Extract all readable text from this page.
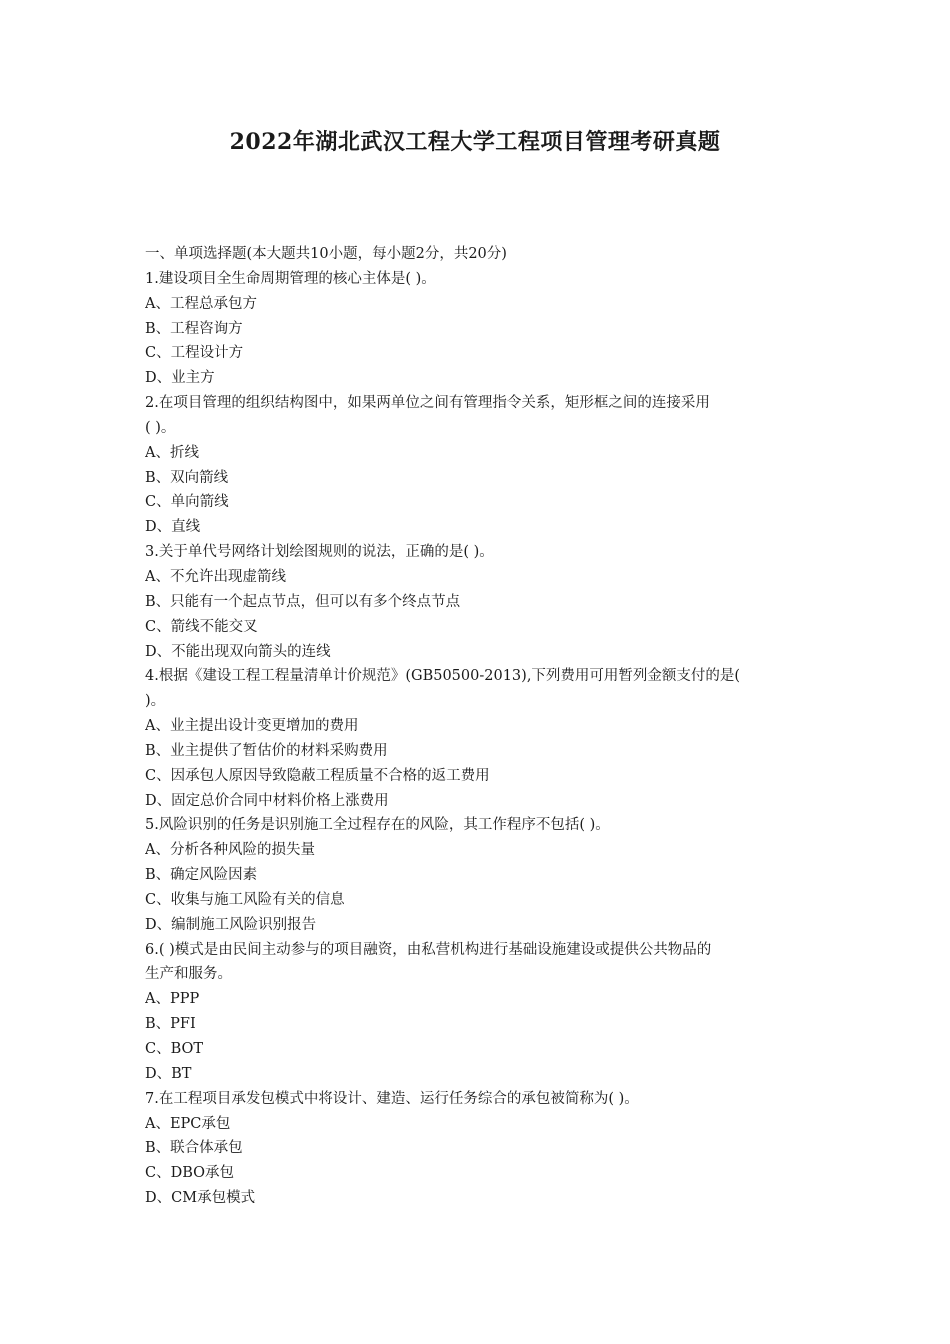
2022年湖北武汉工程大学工程项目管理考研真题
一、单项选择题(本大题共10小题，每小题2分，共20分)
1.建设项目全生命周期管理的核心主体是( )。
A、工程总承包方
B、工程咨询方
C、工程设计方
D、业主方
2.在项目管理的组织结构图中，如果两单位之间有管理指令关系，矩形框之间的连接采用
( )。
A、折线
B、双向箭线
C、单向箭线
D、直线
3.关于单代号网络计划绘图规则的说法，正确的是( )。
A、不允许出现虚箭线
B、只能有一个起点节点，但可以有多个终点节点
C、箭线不能交叉
D、不能出现双向箭头的连线
4.根据《建设工程工程量清单计价规范》(GB50500-2013),下列费用可用暂列金额支付的是(
)。
A、业主提出设计变更增加的费用
B、业主提供了暂估价的材料采购费用
C、因承包人原因导致隐蔽工程质量不合格的返工费用
D、固定总价合同中材料价格上涨费用
5.风险识别的任务是识别施工全过程存在的风险，其工作程序不包括( )。
A、分析各种风险的损失量
B、确定风险因素
C、收集与施工风险有关的信息
D、编制施工风险识别报告
6.( )模式是由民间主动参与的项目融资，由私营机构进行基础设施建设或提供公共物品的
生产和服务。
A、PPP
B、PFI
C、BOT
D、BT
7.在工程项目承发包模式中将设计、建造、运行任务综合的承包被简称为( )。
A、EPC承包
B、联合体承包
C、DBO承包
D、CM承包模式
